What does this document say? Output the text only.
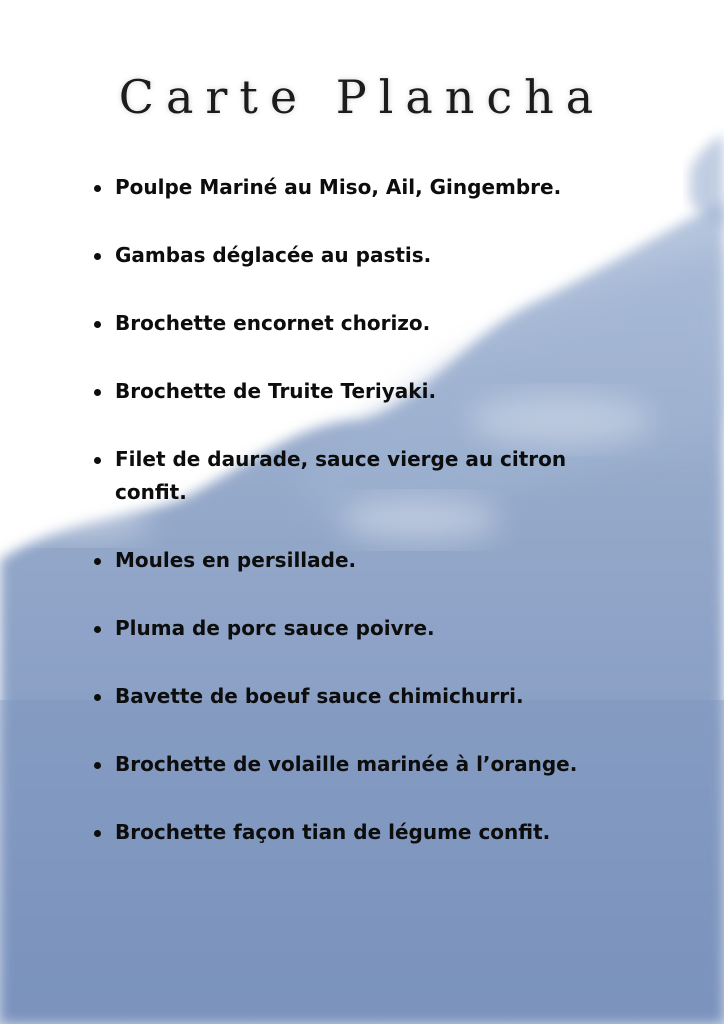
Carte Plancha
Poulpe Mariné au Miso, Ail, Gingembre.
Gambas déglacée au pastis.
Brochette encornet chorizo.
Brochette de Truite Teriyaki.
Filet de daurade, sauce vierge au citron confit.
Moules en persillade.
Pluma de porc sauce poivre.
Bavette de boeuf sauce chimichurri.
Brochette de volaille marinée à l’orange.
Brochette façon tian de légume confit.
